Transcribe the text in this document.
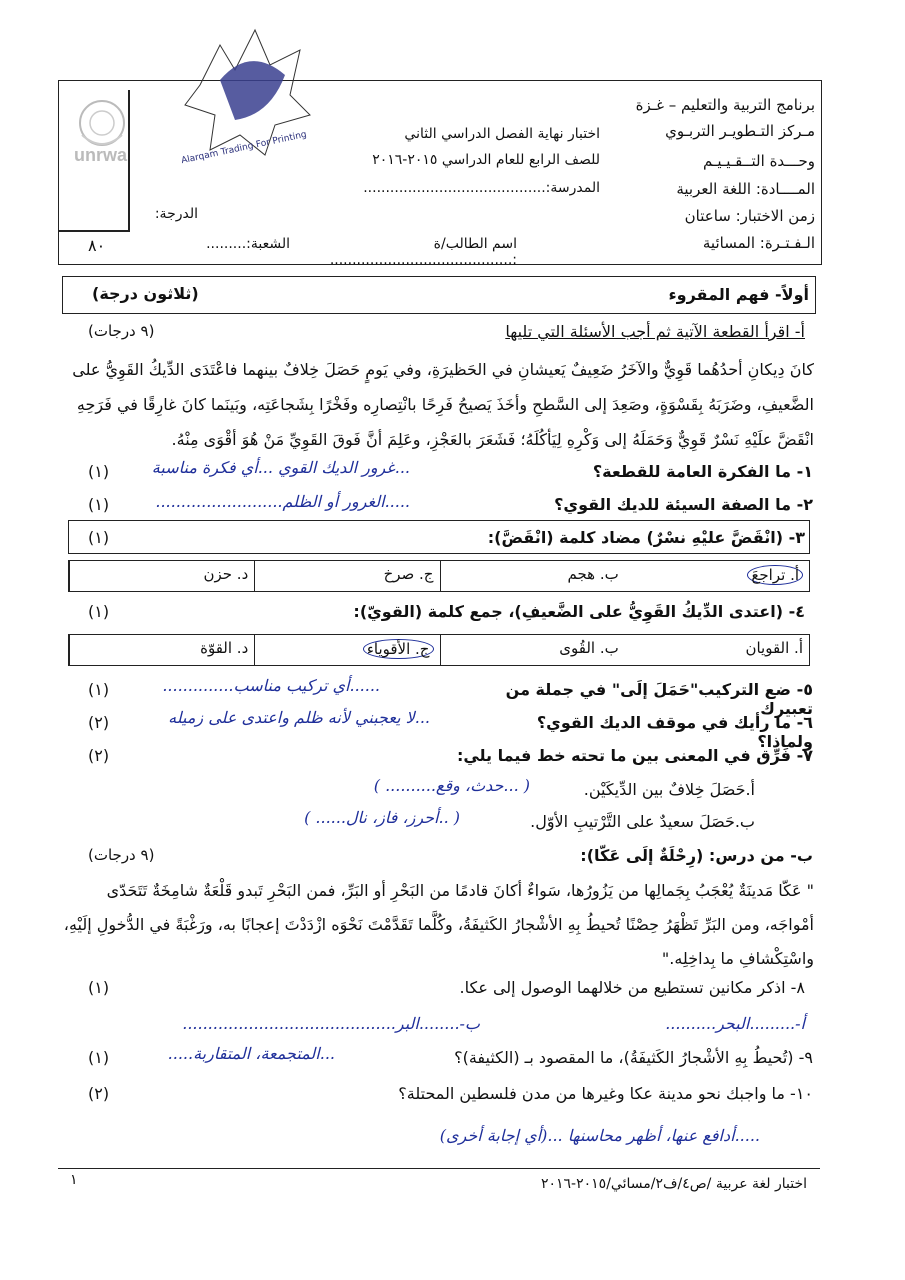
unrwa	Alarqam Trading For Printing
برنامج التربية والتعليم – غـزة
مـركز التـطويـر التربـوي
وحـــدة التــقـيـيـم
المــــادة: اللغة العربية
زمن الاختبار: ساعتان
الـفـتـرة: المسائية
اختبار نهاية الفصل الدراسي الثاني
للصف الرابع للعام الدراسي ٢٠١٥-٢٠١٦
المدرسة:.........................................
اسم الطالب/ة :.........................................
الشعبة:.........
الدرجة:
٨٠
أولاً- فهم المقروء
(ثلاثون درجة)
أ- اقرأ القطعة الآتية ثم أجب الأسئلة التي تليها
(٩ درجات)
كانَ دِيكانِ أحدُهُما قَوِيٌّ والآخَرُ ضَعِيفٌ يَعيشانِ في الحَظيرَةِ، وفي يَومٍ حَصَلَ خِلافٌ بينهما فاعْتَدَى الدِّيكُ القَوِيُّ على الضَّعيفِ، وضَرَبَهُ بِقَسْوَةٍ، وصَعِدَ إلى السَّطحِ وأخَذَ يَصيحُ فَرِحًا بانْتِصارِه وفَخْرًا بِشَجاعَتِه، وبَينَما كانَ غارِقًا في فَرَحِهِ انْقَضَّ علَيْهِ نَسْرٌ قَوِيٌّ وَحَمَلَهُ إلى وَكْرِهِ لِيَأكُلَهُ؛ فَشَعَرَ بالعَجْزِ، وعَلِمَ أنَّ فَوقَ القَوِيِّ مَنْ هُوَ أقْوَى مِنْهُ.
١- ما الفكرة العامة للقطعة؟
...غرور الديك القوي ...أي فكرة مناسبة
(١)
٢- ما الصفة السيئة للديك القوي؟
.....الغرور أو الظلم.........................
(١)
٣- (انْقَضَّ عليْهِ نسْرٌ) مضاد كلمة (انْقَضَّ):
(١)
د. حزن	ج. صرخ	ب. هجم	أ. تراجعَ
٤- (اعتدى الدِّيكُ القَوِيُّ على الضَّعيفِ)، جمع كلمة (القويّ):
(١)
د. القوّة	ج. الأقوياء	ب. القُوى	أ. القويان
٥- ضع التركيب"حَمَلَ إلَى" في جملة من تعبيرك
......أي تركيب مناسب..............
(١)
٦- ما رأيك في موقف الديك القوي؟ ولماذا؟
...لا يعجبني لأنه ظلم واعتدى على زميله
(٢)
٧- فَرِّق في المعنى بين ما تحته خط فيما يلي:
(٢)
أ.حَصَلَ خِلافٌ بين الدِّيكَيْن.
( ...حدث، وقع.......... )
ب.حَصَلَ سعيدٌ على التَّرْتيبِ الأوّل.
( ..أحرز، فاز، نال...... )
ب- من درس: (رِحْلَةٌ إلَى عَكّا):
(٩ درجات)
" عَكّا مَدينَةٌ يُعْجَبُ بِجَمالِها من يَزُورُها، سَواءٌ أكانَ قادمًا من البَحْرِ أو البَرِّ، فمن البَحْرِ تَبدو قَلْعَةٌ شامِخَةٌ تَتَحَدّى أمْواجَه، ومن البَرِّ تَظْهَرُ حِصْنًا تُحيطُ بِهِ الأشْجارُ الكَثيفَةُ، وكُلَّما تَقَدَّمْتَ نَحْوَه ازْدَدْتَ إعجابًا به، ورَغْبَةً في الدُّخولِ إلَيْهِ، واسْتِكْشافِ ما بِداخِلِه."
٨- اذكر مكانين تستطيع من خلالهما الوصول إلى عكا.
(١)
أ-.........البحر..........
ب-........البر..........................................
٩- (تُحيطُ بِهِ الأشْجارُ الكَثيفَةُ)، ما المقصود بـ (الكثيفة)؟
...المتجمعة، المتقاربة.....
(١)
١٠- ما واجبك نحو مدينة عكا وغيرها من مدن فلسطين المحتلة؟
(٢)
.....أدافع عنها، أظهر محاسنها ...(أي إجابة أخرى)
اختبار لغة عربية /ص٤/ف٢/مسائي/٢٠١٥-٢٠١٦
١
